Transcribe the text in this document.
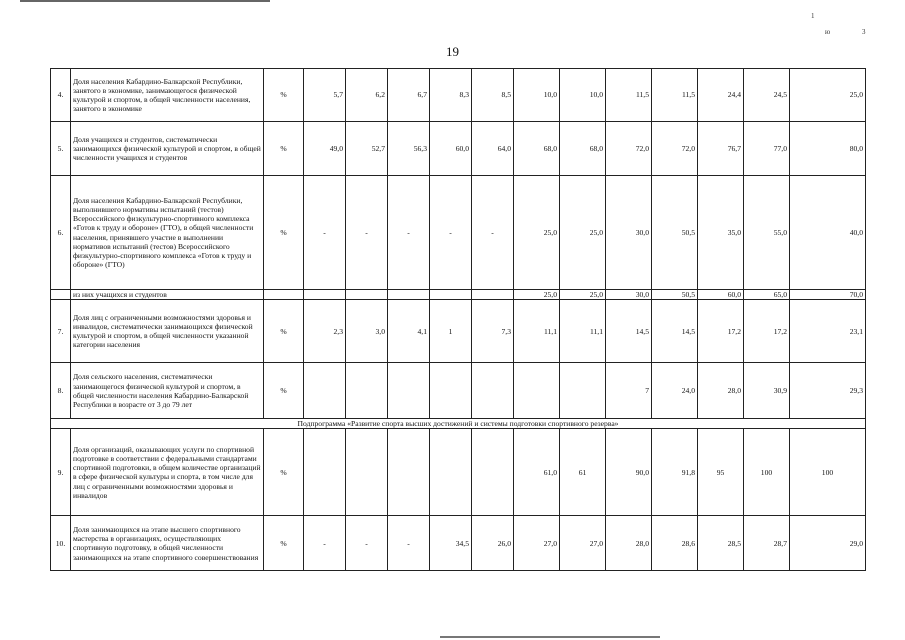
1
ю	3
19
4.	Доля населения Кабардино-Балкарской Республики, занятого в экономике, занимающегося физической культурой и спортом, в общей численности населения, занятого в экономике	%	5,7	6,2	6,7	8,3	8,5	10,0	10,0	11,5	11,5	24,4	24,5	25,0
5.	Доля учащихся и студентов, систематически занимающихся физической культурой и спортом, в общей численности учащихся и студентов	%	49,0	52,7	56,3	60,0	64,0	68,0	68,0	72,0	72,0	76,7	77,0	80,0
6.	Доля населения Кабардино-Балкарской Республики, выполнившего нормативы испытаний (тестов) Всероссийского физкультурно-спортивного комплекса «Готов к труду и обороне» (ГТО), в общей численности населения, принявшего участие в выполнении нормативов испытаний (тестов) Всероссийского физкультурно-спортивного комплекса «Готов к труду и обороне» (ГТО)	%	-	-	-	-	-	25,0	25,0	30,0	50,5	35,0	55,0	40,0
	из них учащихся и студентов							25,0	25,0	30,0	50,5	60,0	65,0	70,0
7.	Доля лиц с ограниченными возможностями здоровья и инвалидов, систематически занимающихся физической культурой и спортом, в общей численности указанной категории населения	%	2,3	3,0	4,1	1	7,3	11,1	11,1	14,5	14,5	17,2	17,2	23,1
8.	Доля сельского населения, систематически занимающегося физической культурой и спортом, в общей численности населения Кабардино-Балкарской Республики в возрасте от 3 до 79 лет	%								7	24,0	28,0	30,9	29,3
Подпрограмма «Развитие спорта высших достижений и системы подготовки спортивного резерва»														
9.	Доля организаций, оказывающих услуги по спортивной подготовке в соответствии с федеральными стандартами спортивной подготовки, в общем количестве организаций в сфере физической культуры и спорта, в том числе для лиц с ограниченными возможностями здоровья и инвалидов	%						61,0	61	90,0	91,8	95	100	100
10.	Доля занимающихся на этапе высшего спортивного мастерства в организациях, осуществляющих спортивную подготовку, в общей численности занимающихся на этапе спортивного совершенствования	%	-	-	-	34,5	26,0	27,0	27,0	28,0	28,6	28,5	28,7	29,0
